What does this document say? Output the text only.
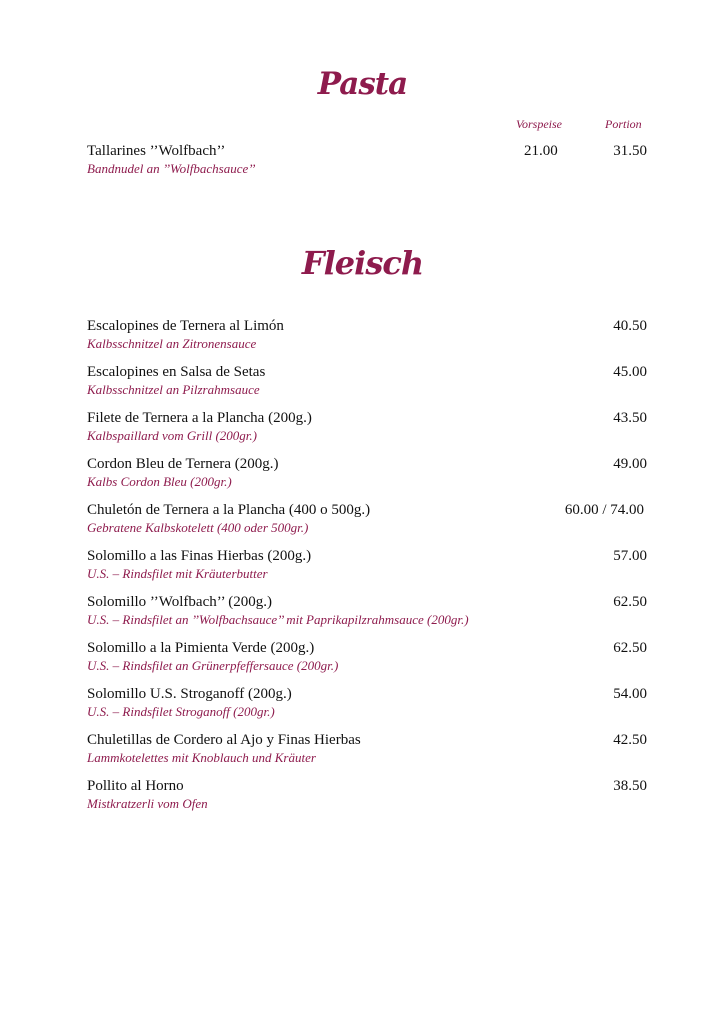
Pasta
Vorspeise	Portion
Tallarines ’’Wolfbach’’
Bandnudel an ’’Wolfbachsauce’’
21.00	31.50
Fleisch
Escalopines de Ternera al Limón
Kalbsschnitzel an Zitronensauce
40.50
Escalopines en Salsa de Setas
Kalbsschnitzel an Pilzrahmsauce
45.00
Filete de Ternera a la Plancha (200g.)
Kalbspaillard vom Grill (200gr.)
43.50
Cordon Bleu de Ternera (200g.)
Kalbs Cordon Bleu (200gr.)
49.00
Chuletón de Ternera a la Plancha (400 o 500g.)
Gebratene Kalbskotelett (400 oder 500gr.)
60.00 / 74.00
Solomillo a las Finas Hierbas (200g.)
U.S. – Rindsfilet mit Kräuterbutter
57.00
Solomillo ’’Wolfbach’’ (200g.)
U.S. – Rindsfilet an ’’Wolfbachsauce’’ mit Paprikapilzrahmsauce (200gr.)
62.50
Solomillo a la Pimienta Verde (200g.)
U.S. – Rindsfilet an Grünerpfeffersauce (200gr.)
62.50
Solomillo U.S. Stroganoff (200g.)
U.S. – Rindsfilet Stroganoff (200gr.)
54.00
Chuletillas de Cordero al Ajo y Finas Hierbas
Lammkotelettes mit Knoblauch und Kräuter
42.50
Pollito al Horno
Mistkratzerli vom Ofen
38.50
